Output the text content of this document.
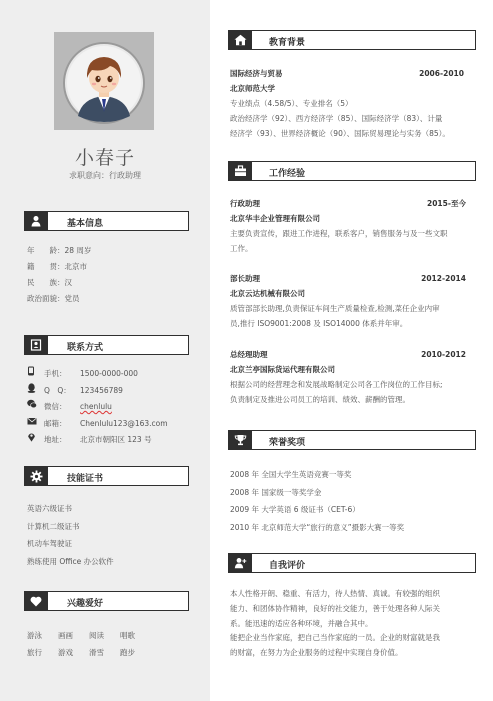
小春子
求职意向：行政助理
基本信息
年　　龄： 28 周岁
籍　　贯： 北京市
民　　族： 汉
政治面貌： 党员
联系方式
手机：	1500-0000-000
Q　Q：	123456789
微信：	chenlulu
邮箱：	Chenlulu123@163.com
地址：	北京市朝阳区 123 号
技能证书
英语六级证书
计算机二级证书
机动车驾驶证
熟练使用 Office 办公软件
兴趣爱好
游泳	画画	阅读	唱歌
旅行	游戏	滑雪	跑步
教育背景
国际经济与贸易	2006-2010
北京师范大学
专业绩点（4.58/5）、专业排名（5）
政治经济学（92）、西方经济学（85）、国际经济学（83）、计量
经济学（93）、世界经济概论（90）、国际贸易理论与实务（85）。
工作经验
行政助理	2015-至今
北京华丰企业管理有限公司
主要负责宣传，跟进工作进程，联系客户，销售服务与及一些文职
工作。
部长助理	2012-2014
北京云达机械有限公司
质管部部长助理,负责保证车间生产质量检查,检测,菜任企业内审
员,推行 ISO9001:2008 及 ISO14000 体系并年审。
总经理助理	2010-2012
北京兰亭国际货运代理有限公司
根据公司的经营理念和发展战略制定公司各工作岗位的工作目标;
负责制定及推进公司员工的培训、绩效、薪酬的管理。
荣誉奖项
2008 年 全国大学生英语竞赛一等奖
2008 年 国家级一等奖学金
2009 年 大学英语 6 级证书（CET-6）
2010 年 北京师范大学“旅行的意义”摄影大赛一等奖
自我评价
本人性格开朗、稳重、有活力，待人热情、真诚。有较强的组织
能力、和团体协作精神，良好的社交能力，善于处理各种人际关
系。能迅速的适应各种环境，并融合其中。
能把企业当作家庭，把自己当作家庭的一员。企业的财富就是我
的财富，在努力为企业服务的过程中实现自身价值。
